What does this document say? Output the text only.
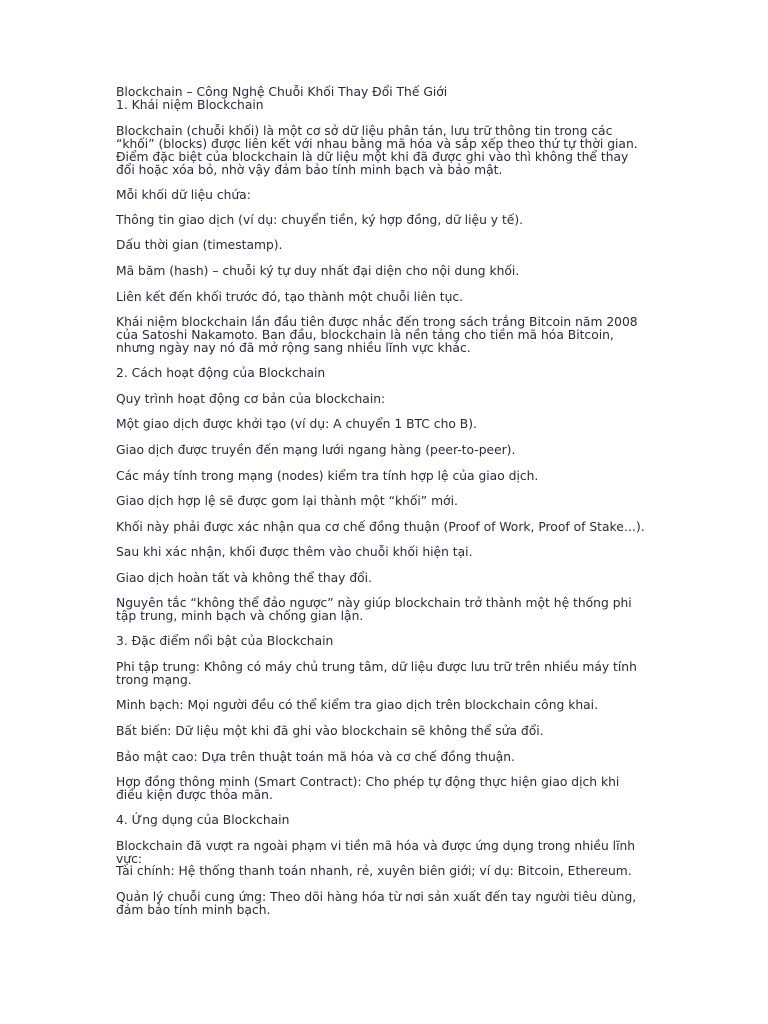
Blockchain – Công Nghệ Chuỗi Khối Thay Đổi Thế Giới

1. Khái niệm Blockchain

Blockchain (chuỗi khối) là một cơ sở dữ liệu phân tán, lưu trữ thông tin trong các “khối” (blocks) được liên kết với nhau bằng mã hóa và sắp xếp theo thứ tự thời gian. Điểm đặc biệt của blockchain là dữ liệu một khi đã được ghi vào thì không thể thay đổi hoặc xóa bỏ, nhờ vậy đảm bảo tính minh bạch và bảo mật.

Mỗi khối dữ liệu chứa:

Thông tin giao dịch (ví dụ: chuyển tiền, ký hợp đồng, dữ liệu y tế).

Dấu thời gian (timestamp).

Mã băm (hash) – chuỗi ký tự duy nhất đại diện cho nội dung khối.

Liên kết đến khối trước đó, tạo thành một chuỗi liên tục.

Khái niệm blockchain lần đầu tiên được nhắc đến trong sách trắng Bitcoin năm 2008 của Satoshi Nakamoto. Ban đầu, blockchain là nền tảng cho tiền mã hóa Bitcoin, nhưng ngày nay nó đã mở rộng sang nhiều lĩnh vực khác.

2. Cách hoạt động của Blockchain

Quy trình hoạt động cơ bản của blockchain:

Một giao dịch được khởi tạo (ví dụ: A chuyển 1 BTC cho B).

Giao dịch được truyền đến mạng lưới ngang hàng (peer-to-peer).

Các máy tính trong mạng (nodes) kiểm tra tính hợp lệ của giao dịch.

Giao dịch hợp lệ sẽ được gom lại thành một “khối” mới.

Khối này phải được xác nhận qua cơ chế đồng thuận (Proof of Work, Proof of Stake…).

Sau khi xác nhận, khối được thêm vào chuỗi khối hiện tại.

Giao dịch hoàn tất và không thể thay đổi.

Nguyên tắc “không thể đảo ngược” này giúp blockchain trở thành một hệ thống phi tập trung, minh bạch và chống gian lận.

3. Đặc điểm nổi bật của Blockchain

Phi tập trung: Không có máy chủ trung tâm, dữ liệu được lưu trữ trên nhiều máy tính trong mạng.

Minh bạch: Mọi người đều có thể kiểm tra giao dịch trên blockchain công khai.

Bất biến: Dữ liệu một khi đã ghi vào blockchain sẽ không thể sửa đổi.

Bảo mật cao: Dựa trên thuật toán mã hóa và cơ chế đồng thuận.

Hợp đồng thông minh (Smart Contract): Cho phép tự động thực hiện giao dịch khi điều kiện được thỏa mãn.

4. Ứng dụng của Blockchain

Blockchain đã vượt ra ngoài phạm vi tiền mã hóa và được ứng dụng trong nhiều lĩnh vực:

Tài chính: Hệ thống thanh toán nhanh, rẻ, xuyên biên giới; ví dụ: Bitcoin, Ethereum.

Quản lý chuỗi cung ứng: Theo dõi hàng hóa từ nơi sản xuất đến tay người tiêu dùng, đảm bảo tính minh bạch.
